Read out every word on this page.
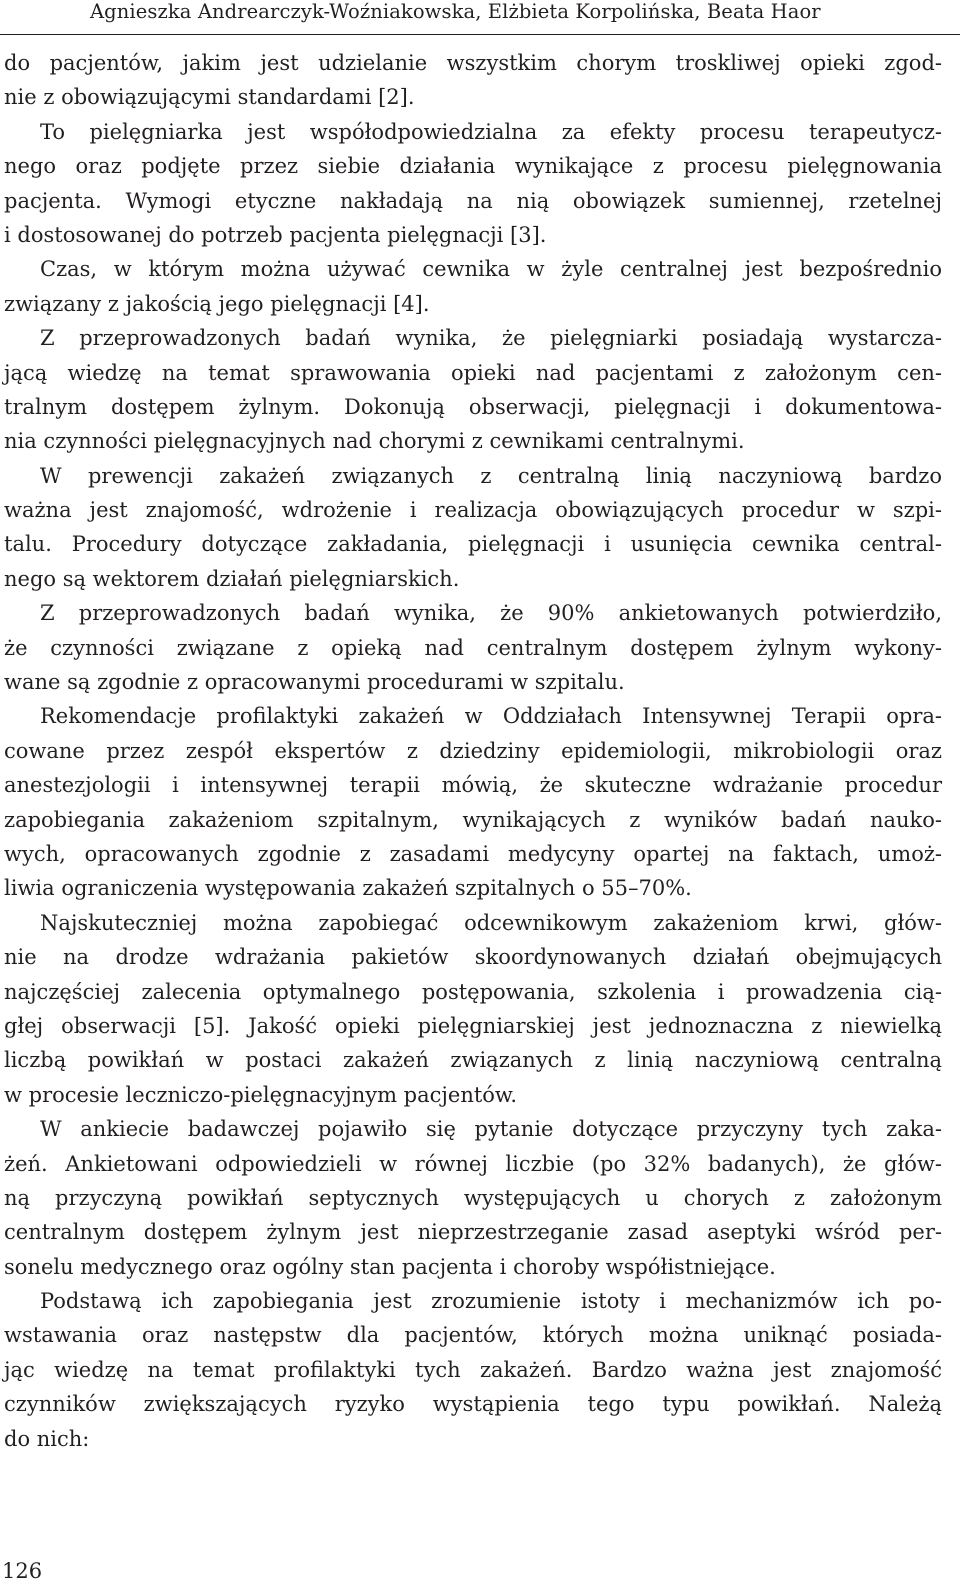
Agnieszka Andrearczyk-Woźniakowska, Elżbieta Korpolińska, Beata Haor
do pacjentów, jakim jest udzielanie wszystkim chorym troskliwej opieki zgod-
nie z obowiązującymi standardami [2].
To pielęgniarka jest współodpowiedzialna za efekty procesu terapeutycz-
nego oraz podjęte przez siebie działania wynikające z procesu pielęgnowania
pacjenta. Wymogi etyczne nakładają na nią obowiązek sumiennej, rzetelnej
i dostosowanej do potrzeb pacjenta pielęgnacji [3].
Czas, w którym można używać cewnika w żyle centralnej jest bezpośrednio
związany z jakością jego pielęgnacji [4].
Z przeprowadzonych badań wynika, że pielęgniarki posiadają wystarcza-
jącą wiedzę na temat sprawowania opieki nad pacjentami z założonym cen-
tralnym dostępem żylnym. Dokonują obserwacji, pielęgnacji i dokumentowa-
nia czynności pielęgnacyjnych nad chorymi z cewnikami centralnymi.
W prewencji zakażeń związanych z centralną linią naczyniową bardzo
ważna jest znajomość, wdrożenie i realizacja obowiązujących procedur w szpi-
talu. Procedury dotyczące zakładania, pielęgnacji i usunięcia cewnika central-
nego są wektorem działań pielęgniarskich.
Z przeprowadzonych badań wynika, że 90% ankietowanych potwierdziło,
że czynności związane z opieką nad centralnym dostępem żylnym wykony-
wane są zgodnie z opracowanymi procedurami w szpitalu.
Rekomendacje profilaktyki zakażeń w Oddziałach Intensywnej Terapii opra-
cowane przez zespół ekspertów z dziedziny epidemiologii, mikrobiologii oraz
anestezjologii i intensywnej terapii mówią, że skuteczne wdrażanie procedur
zapobiegania zakażeniom szpitalnym, wynikających z wyników badań nauko-
wych, opracowanych zgodnie z zasadami medycyny opartej na faktach, umoż-
liwia ograniczenia występowania zakażeń szpitalnych o 55–70%.
Najskuteczniej można zapobiegać odcewnikowym zakażeniom krwi, głów-
nie na drodze wdrażania pakietów skoordynowanych działań obejmujących
najczęściej zalecenia optymalnego postępowania, szkolenia i prowadzenia cią-
głej obserwacji [5]. Jakość opieki pielęgniarskiej jest jednoznaczna z niewielką
liczbą powikłań w postaci zakażeń związanych z linią naczyniową centralną
w procesie leczniczo-pielęgnacyjnym pacjentów.
W ankiecie badawczej pojawiło się pytanie dotyczące przyczyny tych zaka-
żeń. Ankietowani odpowiedzieli w równej liczbie (po 32% badanych), że głów-
ną przyczyną powikłań septycznych występujących u chorych z założonym
centralnym dostępem żylnym jest nieprzestrzeganie zasad aseptyki wśród per-
sonelu medycznego oraz ogólny stan pacjenta i choroby współistniejące.
Podstawą ich zapobiegania jest zrozumienie istoty i mechanizmów ich po-
wstawania oraz następstw dla pacjentów, których można uniknąć posiada-
jąc wiedzę na temat profilaktyki tych zakażeń. Bardzo ważna jest znajomość
czynników zwiększających ryzyko wystąpienia tego typu powikłań. Należą
do nich:
126
